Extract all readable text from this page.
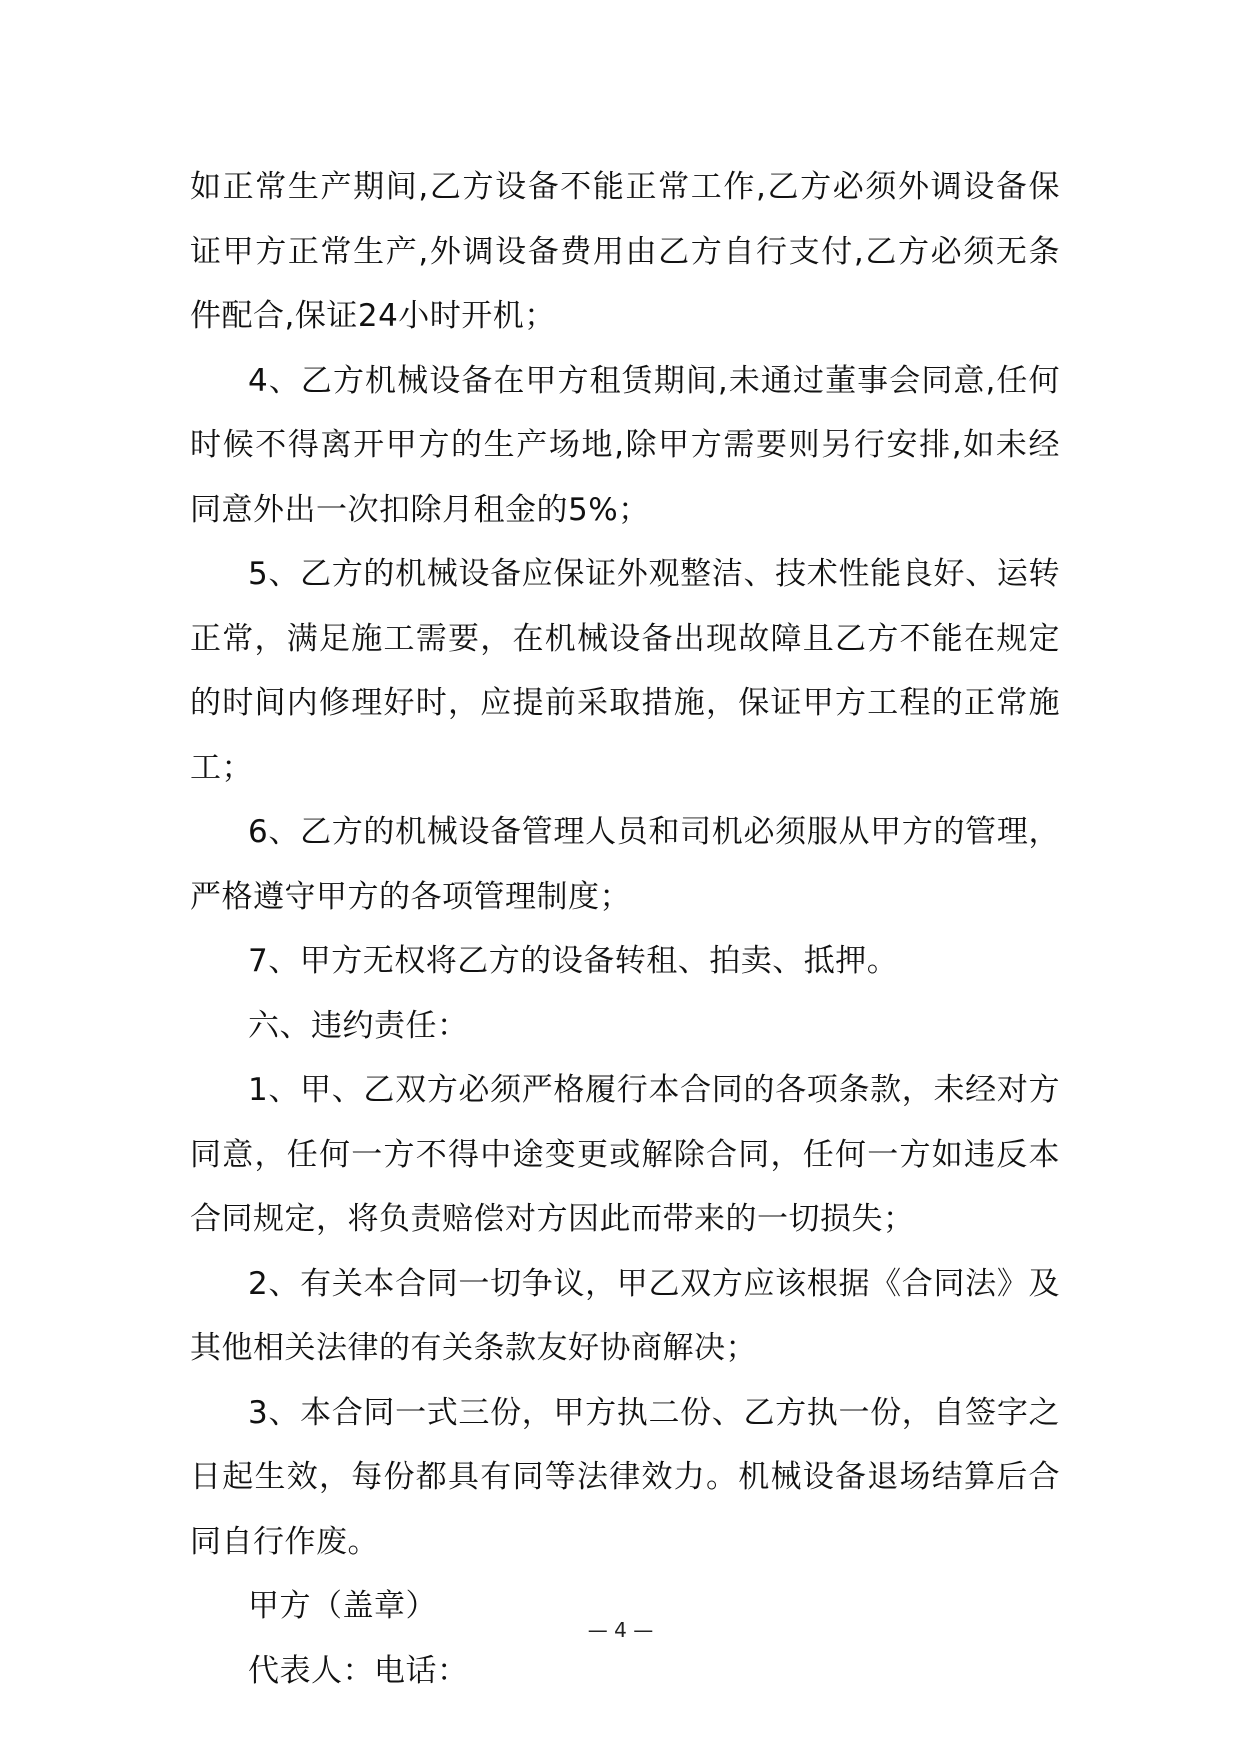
如正常生产期间,乙方设备不能正常工作,乙方必须外调设备保证甲方正常生产,外调设备费用由乙方自行支付,乙方必须无条件配合,保证24小时开机；

4、乙方机械设备在甲方租赁期间,未通过董事会同意,任何时候不得离开甲方的生产场地,除甲方需要则另行安排,如未经同意外出一次扣除月租金的5%；

5、乙方的机械设备应保证外观整洁、技术性能良好、运转正常，满足施工需要，在机械设备出现故障且乙方不能在规定的时间内修理好时，应提前采取措施，保证甲方工程的正常施工；

6、乙方的机械设备管理人员和司机必须服从甲方的管理，严格遵守甲方的各项管理制度；

7、甲方无权将乙方的设备转租、拍卖、抵押。

六、违约责任：

1、甲、乙双方必须严格履行本合同的各项条款，未经对方同意，任何一方不得中途变更或解除合同，任何一方如违反本合同规定，将负责赔偿对方因此而带来的一切损失；

2、有关本合同一切争议，甲乙双方应该根据《合同法》及其他相关法律的有关条款友好协商解决；

3、本合同一式三份，甲方执二份、乙方执一份，自签字之日起生效，每份都具有同等法律效力。机械设备退场结算后合同自行作废。

甲方（盖章）

代表人：电话：

— 4 —
